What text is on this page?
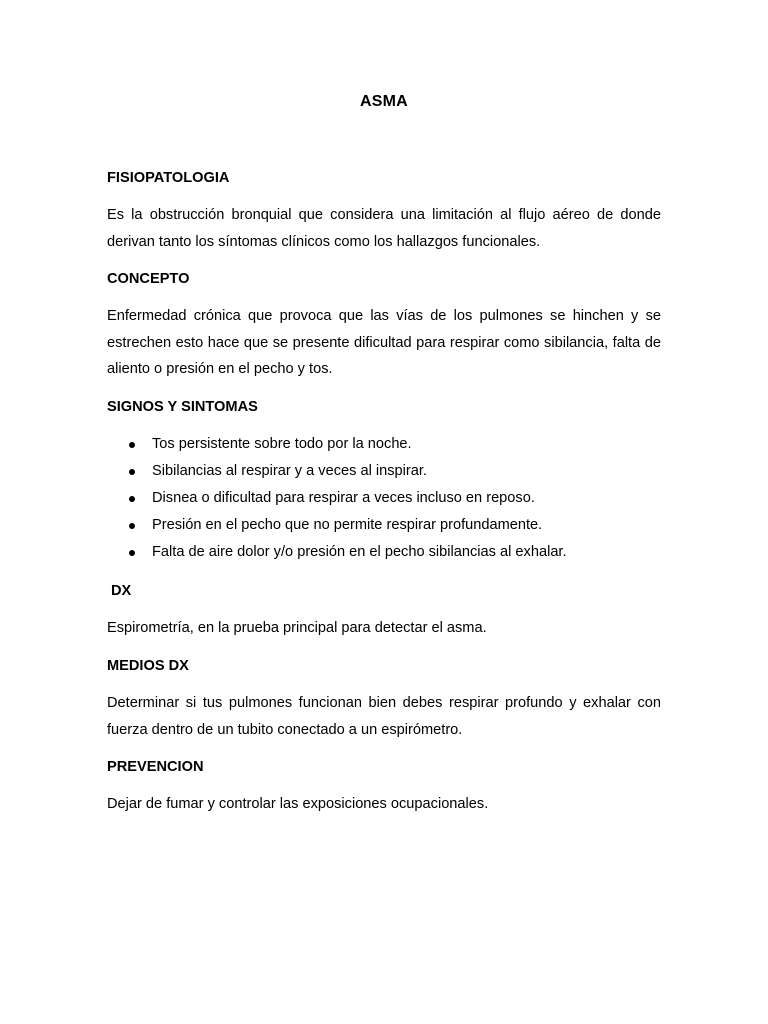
ASMA
FISIOPATOLOGIA
Es la obstrucción bronquial que considera una limitación al flujo aéreo de donde derivan tanto los síntomas clínicos como los hallazgos funcionales.
CONCEPTO
Enfermedad crónica que provoca que las vías de los pulmones se hinchen y se estrechen esto hace que se presente dificultad para respirar como sibilancia, falta de aliento o presión en el pecho y tos.
SIGNOS Y SINTOMAS
Tos persistente sobre todo por la noche.
Sibilancias al respirar y a veces al inspirar.
Disnea o dificultad para respirar a veces incluso en reposo.
Presión en el pecho que no permite respirar profundamente.
Falta de aire dolor y/o presión en el pecho sibilancias al exhalar.
DX
Espirometría, en la prueba principal para detectar el asma.
MEDIOS DX
Determinar si tus pulmones funcionan bien debes respirar profundo y exhalar con fuerza dentro de un tubito conectado a un espirómetro.
PREVENCION
Dejar de fumar y controlar las exposiciones ocupacionales.
